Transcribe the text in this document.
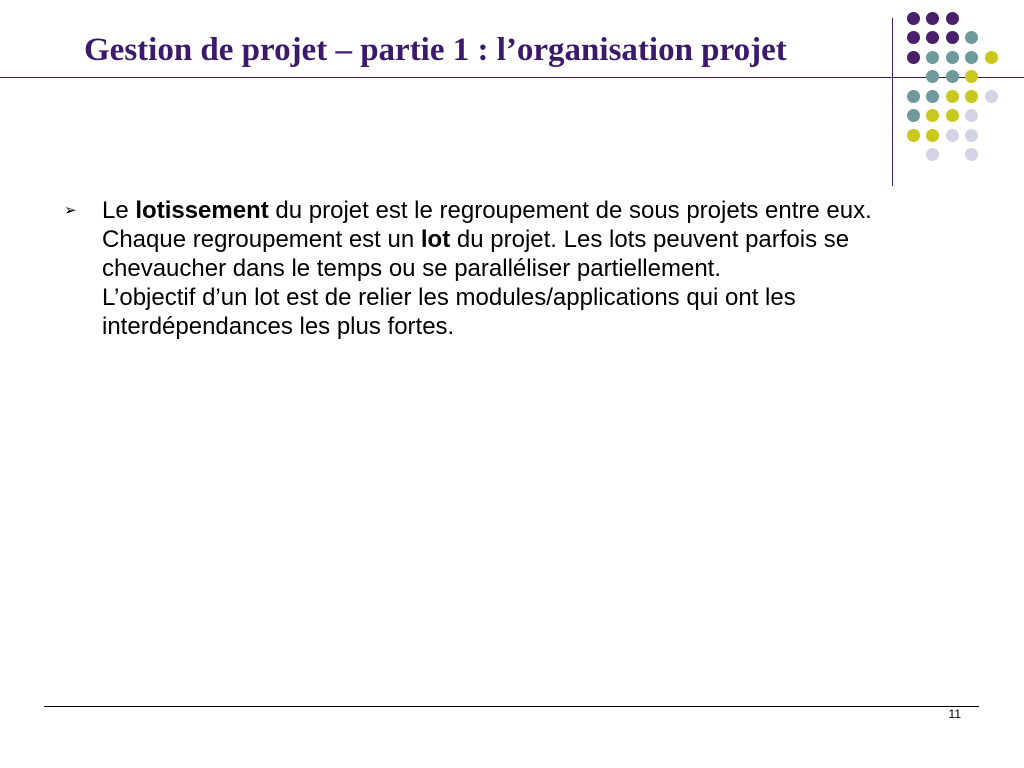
Gestion de projet – partie 1 : l’organisation projet
➢	Le lotissement du projet est le regroupement de sous projets entre eux. Chaque regroupement est un lot du projet. Les lots peuvent parfois se chevaucher dans le temps ou se paralléliser partiellement.
L’objectif d’un lot est de relier les modules/applications qui ont les interdépendances les plus fortes.
11
